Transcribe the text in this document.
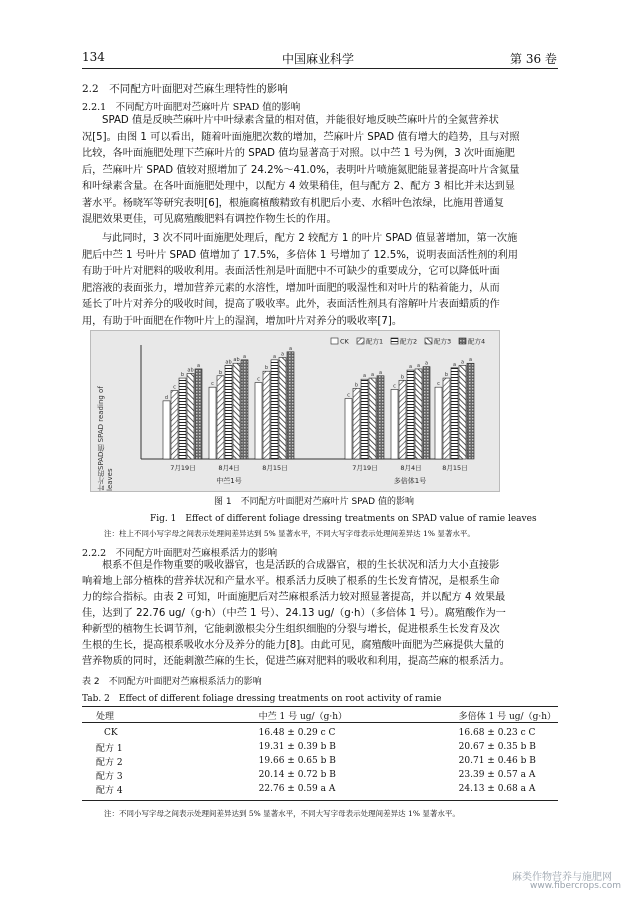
134	中国麻业科学	第 36 卷
2.2　不同配方叶面肥对苎麻生理特性的影响
2.2.1　不同配方叶面肥对苎麻叶片 SPAD 值的影响
SPAD 值是反映苎麻叶片中叶绿素含量的相对值，并能很好地反映苎麻叶片的全氮营养状
况[5]。由图 1 可以看出，随着叶面施肥次数的增加，苎麻叶片 SPAD 值有增大的趋势，且与对照
比较，各叶面施肥处理下苎麻叶片的 SPAD 值均显著高于对照。以中苎 1 号为例，3 次叶面施肥
后，苎麻叶片 SPAD 值较对照增加了 24.2%～41.0%，表明叶片喷施氮肥能显著提高叶片含氮量
和叶绿素含量。在各叶面施肥处理中，以配方 4 效果稍佳，但与配方 2、配方 3 相比并未达到显
著水平。杨晓军等研究表明[6]，根施腐植酸精致有机肥后小麦、水稻叶色浓绿，比施用普通复
混肥效果更佳，可见腐殖酸肥料有调控作物生长的作用。
与此同时，3 次不同叶面施肥处理后，配方 2 较配方 1 的叶片 SPAD 值显著增加，第一次施
肥后中苎 1 号叶片 SPAD 值增加了 17.5%，多倍体 1 号增加了 12.5%，说明表面活性剂的利用
有助于叶片对肥料的吸收利用。表面活性剂是叶面肥中不可缺少的重要成分，它可以降低叶面
肥溶液的表面张力，增加营养元素的水溶性，增加叶面肥的吸湿性和对叶片的粘着能力，从而
延长了叶片对养分的吸收时间，提高了吸收率。此外，表面活性剂具有溶解叶片表面蜡质的作
用，有助于叶面肥在作物叶片上的湿润，增加叶片对养分的吸收率[7]。
d
c
b
ab
a
7月19日
c
b
ab ab
a
8月4日
c
b
a a
a
8月15日
c
b
a a a
7月19日
c
b
a a a
8月4日
c
b
a a a
8月15日
中苎1号	多倍体1号
CK	配方1	配方2	配方3	配方4
叶片的SPAD值 SPAD reading of leaves
图 1　不同配方叶面肥对苎麻叶片 SPAD 值的影响
Fig. 1　Effect of different foliage dressing treatments on SPAD value of ramie leaves
注：柱上不同小写字母之间表示处理间差异达到 5% 显著水平，不同大写字母表示处理间差异达 1% 显著水平。
2.2.2　不同配方叶面肥对苎麻根系活力的影响
根系不但是作物重要的吸收器官，也是活跃的合成器官，根的生长状况和活力大小直接影
响着地上部分植株的营养状况和产量水平。根系活力反映了根系的生长发育情况，是根系生命
力的综合指标。由表 2 可知，叶面施肥后对苎麻根系活力较对照显著提高，并以配方 4 效果最
佳，达到了 22.76 ug/（g·h）（中苎 1 号）、24.13 ug/（g·h）（多倍体 1 号）。腐殖酸作为一
种新型的植物生长调节剂，它能刺激根尖分生组织细胞的分裂与增长，促进根系生长发育及次
生根的生长，提高根系吸收水分及养分的能力[8]。由此可见，腐殖酸叶面肥为苎麻提供大量的
营养物质的同时，还能刺激苎麻的生长，促进苎麻对肥料的吸收和利用，提高苎麻的根系活力。
表 2　不同配方叶面肥对苎麻根系活力的影响
Tab. 2　Effect of different foliage dressing treatments on root activity of ramie
处理	中苎 1 号 ug/（g·h）	多倍体 1 号 ug/（g·h）

CK	16.48 ± 0.29 c C	16.68 ± 0.23 c C
配方 1	19.31 ± 0.39 b B	20.67 ± 0.35 b B
配方 2	19.66 ± 0.65 b B	20.71 ± 0.46 b B
配方 3	20.14 ± 0.72 b B	23.39 ± 0.57 a A
配方 4	22.76 ± 0.59 a A	24.13 ± 0.68 a A
注：不同小写字母之间表示处理间差异达到 5% 显著水平，不同大写字母表示处理间差异达 1% 显著水平。
麻类作物营养与施肥网
www.fibercrops.com
